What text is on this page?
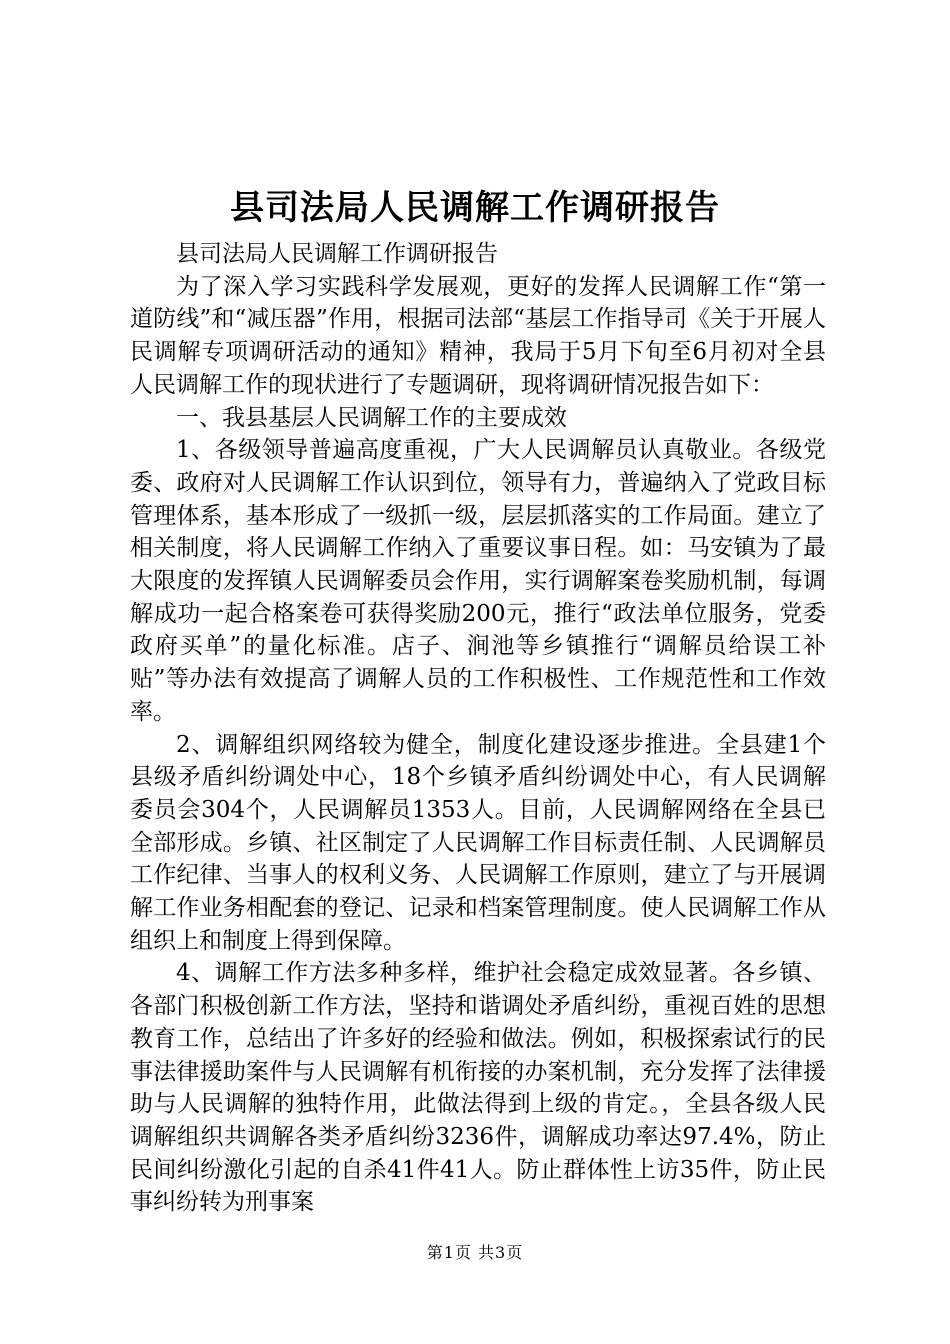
县司法局人民调解工作调研报告

县司法局人民调解工作调研报告

为了深入学习实践科学发展观，更好的发挥人民调解工作“第一道防线”和“减压器”作用，根据司法部“基层工作指导司《关于开展人民调解专项调研活动的通知》精神，我局于5月下旬至6月初对全县人民调解工作的现状进行了专题调研，现将调研情况报告如下：

一、我县基层人民调解工作的主要成效

1、各级领导普遍高度重视，广大人民调解员认真敬业。各级党委、政府对人民调解工作认识到位，领导有力，普遍纳入了党政目标管理体系，基本形成了一级抓一级，层层抓落实的工作局面。建立了相关制度，将人民调解工作纳入了重要议事日程。如：马安镇为了最大限度的发挥镇人民调解委员会作用，实行调解案卷奖励机制，每调解成功一起合格案卷可获得奖励200元，推行“政法单位服务，党委政府买单”的量化标准。店子、涧池等乡镇推行“调解员给误工补贴”等办法有效提高了调解人员的工作积极性、工作规范性和工作效率。

2、调解组织网络较为健全，制度化建设逐步推进。全县建1个县级矛盾纠纷调处中心，18个乡镇矛盾纠纷调处中心，有人民调解委员会304个，人民调解员1353人。目前，人民调解网络在全县已全部形成。乡镇、社区制定了人民调解工作目标责任制、人民调解员工作纪律、当事人的权利义务、人民调解工作原则，建立了与开展调解工作业务相配套的登记、记录和档案管理制度。使人民调解工作从组织上和制度上得到保障。

4、调解工作方法多种多样，维护社会稳定成效显著。各乡镇、各部门积极创新工作方法，坚持和谐调处矛盾纠纷，重视百姓的思想教育工作，总结出了许多好的经验和做法。例如，积极探索试行的民事法律援助案件与人民调解有机衔接的办案机制，充分发挥了法律援助与人民调解的独特作用，此做法得到上级的肯定。，全县各级人民调解组织共调解各类矛盾纠纷3236件，调解成功率达97.4%，防止民间纠纷激化引起的自杀41件41人。防止群体性上访35件，防止民事纠纷转为刑事案

第1页 共3页
